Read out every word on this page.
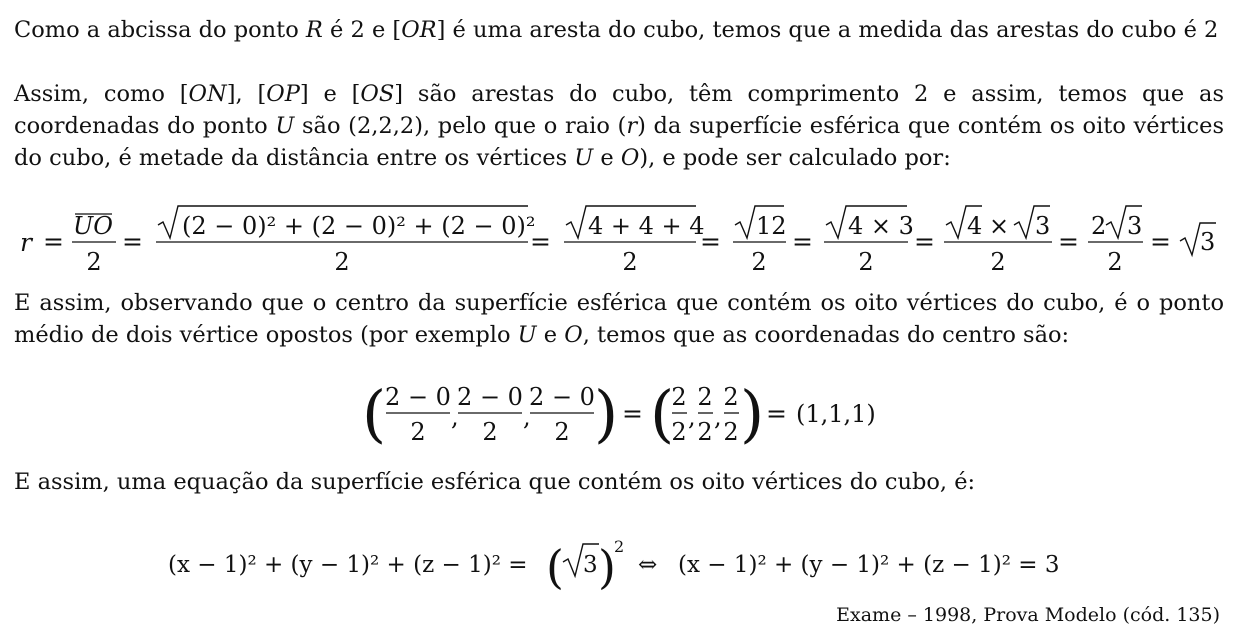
Como a abcissa do ponto R é 2 e [OR] é uma aresta do cubo, temos que a medida das arestas do cubo é 2
Assim, como [ON], [OP] e [OS] são arestas do cubo, têm comprimento 2 e assim, temos que as coordenadas do ponto U são (2,2,2), pelo que o raio (r) da superfície esférica que contém os oito vértices do cubo, é metade da distância entre os vértices U e O), e pode ser calculado por:
r =
UO
2
=
(2 − 0)² + (2 − 0)² + (2 − 0)²
2
=
4 + 4 + 4
2
=
12
2
=
4 × 3
2
=
4 × 3
2
=
2 3
2
= 3
E assim, observando que o centro da superfície esférica que contém os oito vértices do cubo, é o ponto médio de dois vértice opostos (por exemplo U e O, temos que as coordenadas do centro são:
(
2 − 0
2
,
2 − 0
2
,
2 − 0
2 ) = (
2
2
,
2
2
,
2
2 ) = (1,1,1)
E assim, uma equação da superfície esférica que contém os oito vértices do cubo, é:
(x − 1)² + (y − 1)² + (z − 1)² = ( 3 )
2
⇔ (x − 1)² + (y − 1)² + (z − 1)² = 3
Exame – 1998, Prova Modelo (cód. 135)
